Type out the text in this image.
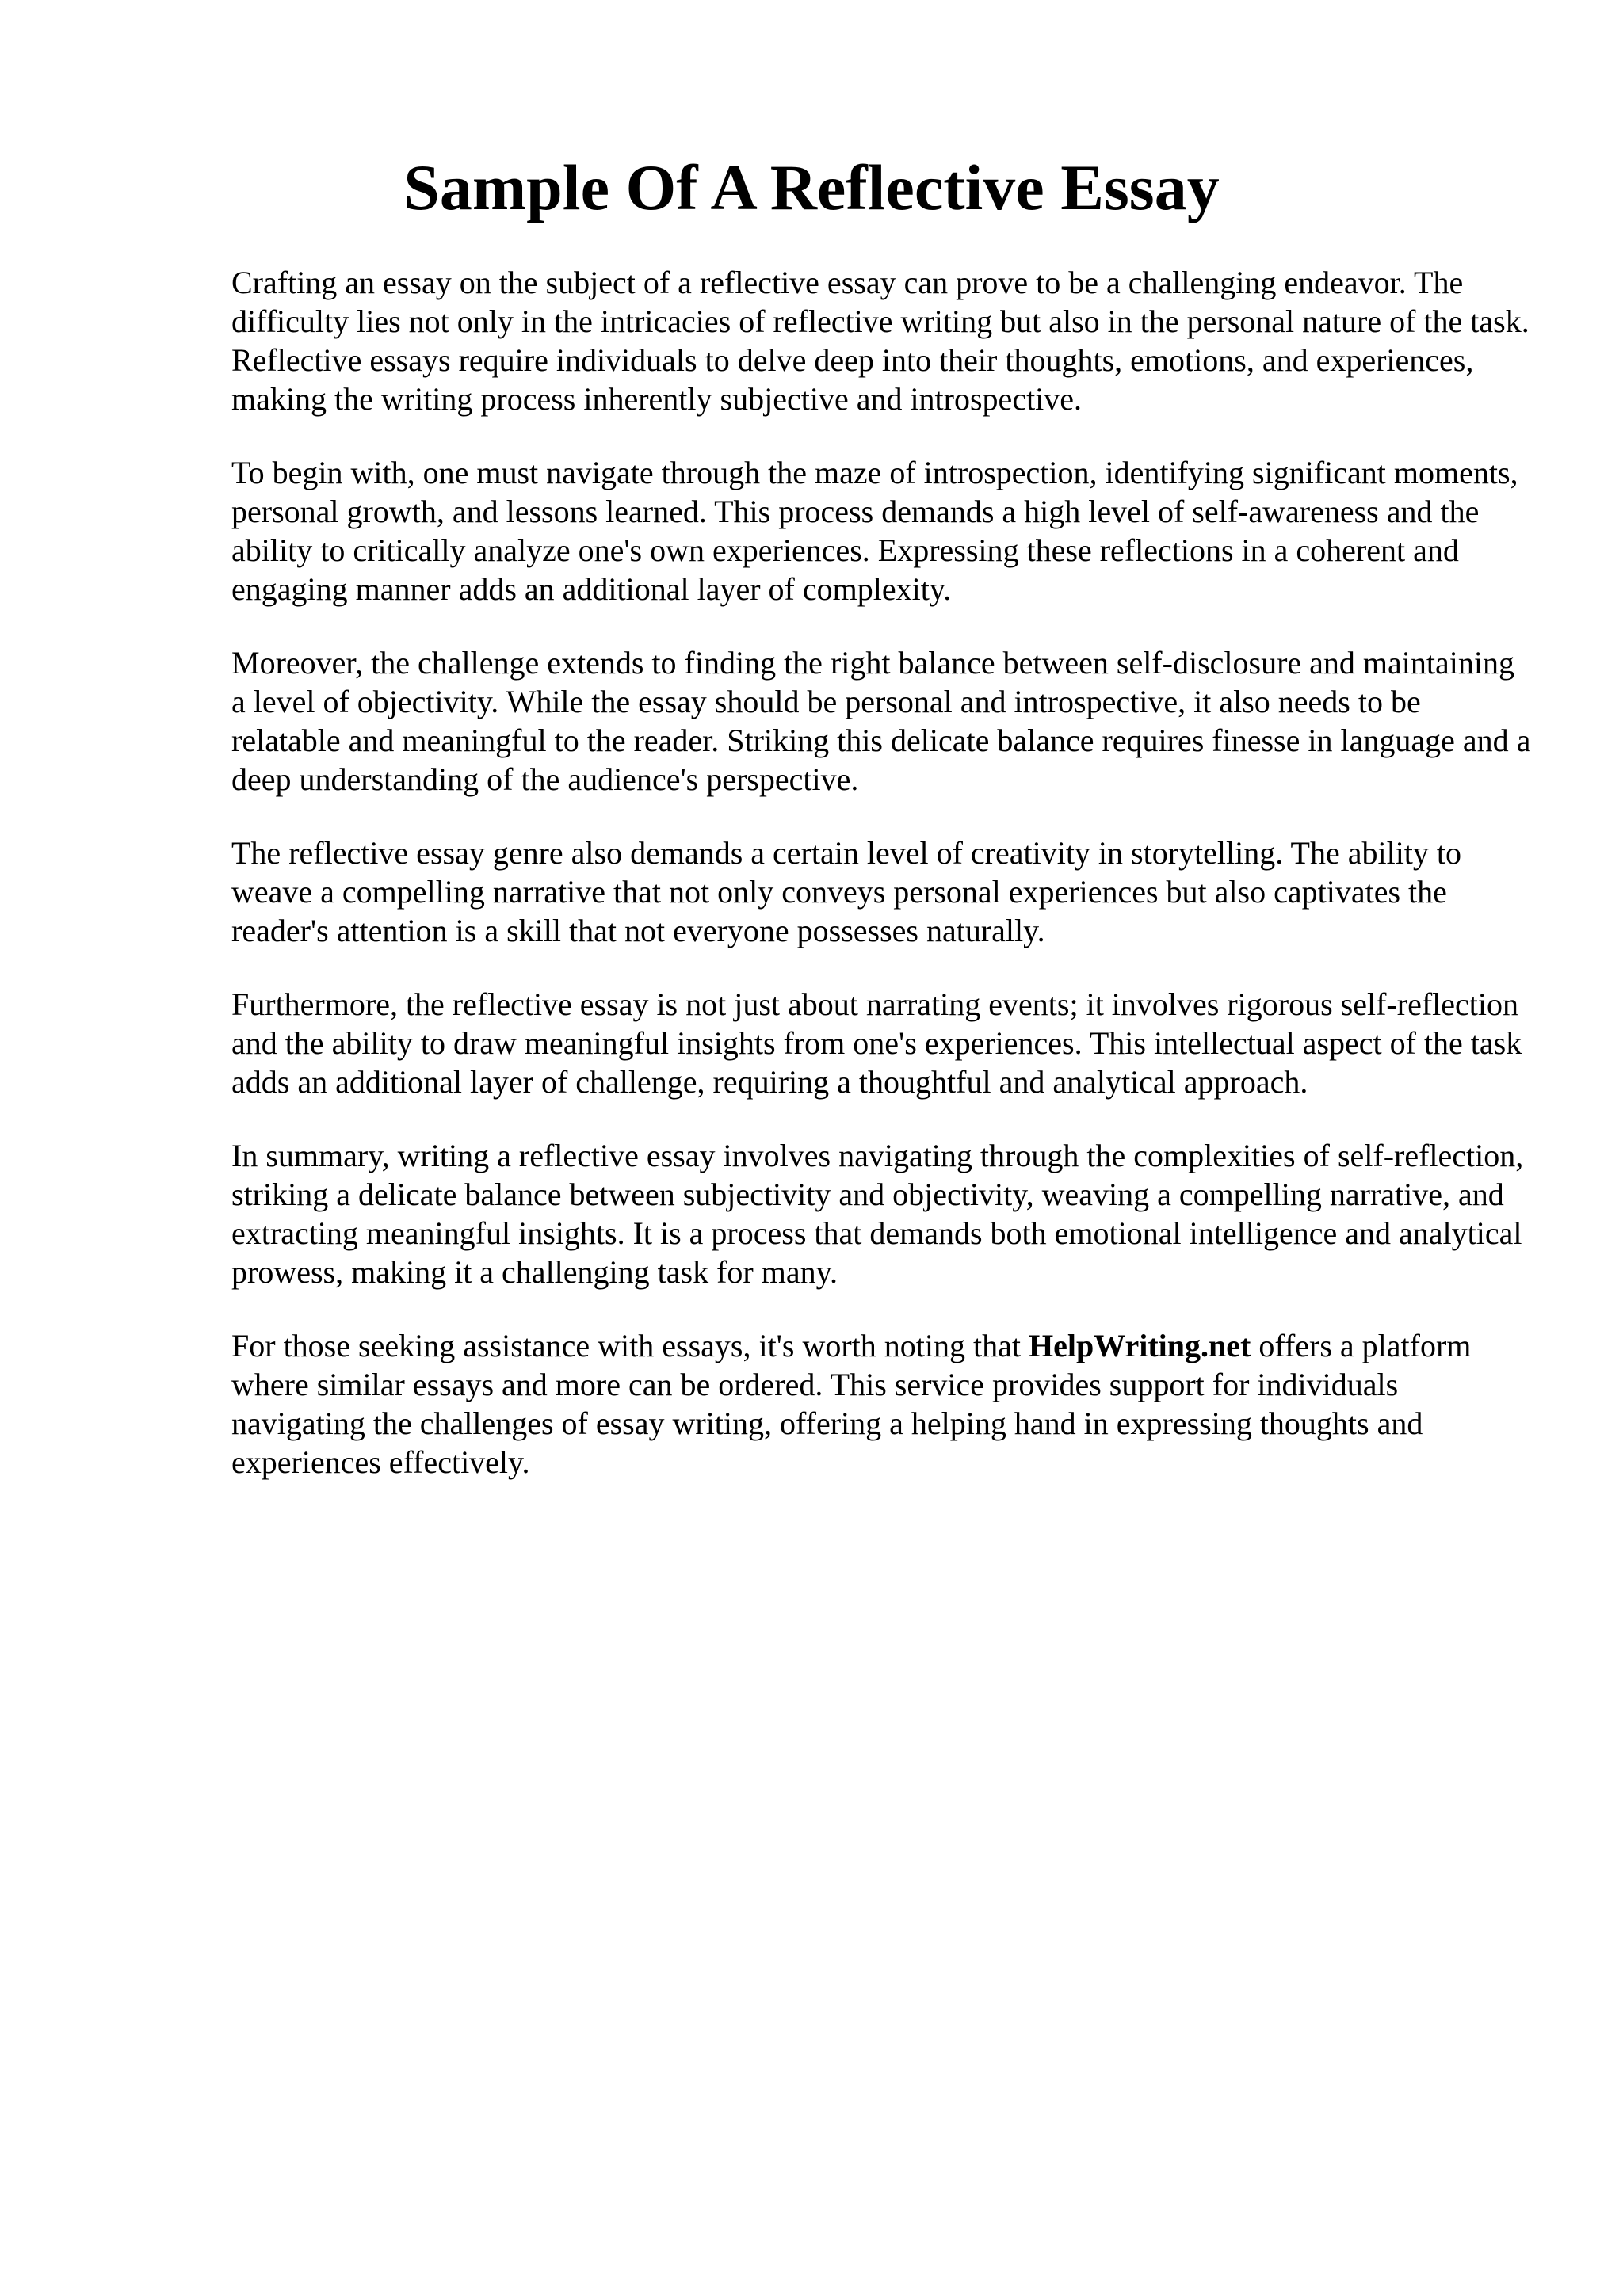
Sample Of A Reflective Essay

Crafting an essay on the subject of a reflective essay can prove to be a challenging endeavor. The difficulty lies not only in the intricacies of reflective writing but also in the personal nature of the task. Reflective essays require individuals to delve deep into their thoughts, emotions, and experiences, making the writing process inherently subjective and introspective.

To begin with, one must navigate through the maze of introspection, identifying significant moments, personal growth, and lessons learned. This process demands a high level of self-awareness and the ability to critically analyze one's own experiences. Expressing these reflections in a coherent and engaging manner adds an additional layer of complexity.

Moreover, the challenge extends to finding the right balance between self-disclosure and maintaining a level of objectivity. While the essay should be personal and introspective, it also needs to be relatable and meaningful to the reader. Striking this delicate balance requires finesse in language and a deep understanding of the audience's perspective.

The reflective essay genre also demands a certain level of creativity in storytelling. The ability to weave a compelling narrative that not only conveys personal experiences but also captivates the reader's attention is a skill that not everyone possesses naturally.

Furthermore, the reflective essay is not just about narrating events; it involves rigorous self-reflection and the ability to draw meaningful insights from one's experiences. This intellectual aspect of the task adds an additional layer of challenge, requiring a thoughtful and analytical approach.

In summary, writing a reflective essay involves navigating through the complexities of self-reflection, striking a delicate balance between subjectivity and objectivity, weaving a compelling narrative, and extracting meaningful insights. It is a process that demands both emotional intelligence and analytical prowess, making it a challenging task for many.

For those seeking assistance with essays, it's worth noting that HelpWriting.net offers a platform where similar essays and more can be ordered. This service provides support for individuals navigating the challenges of essay writing, offering a helping hand in expressing thoughts and experiences effectively.
